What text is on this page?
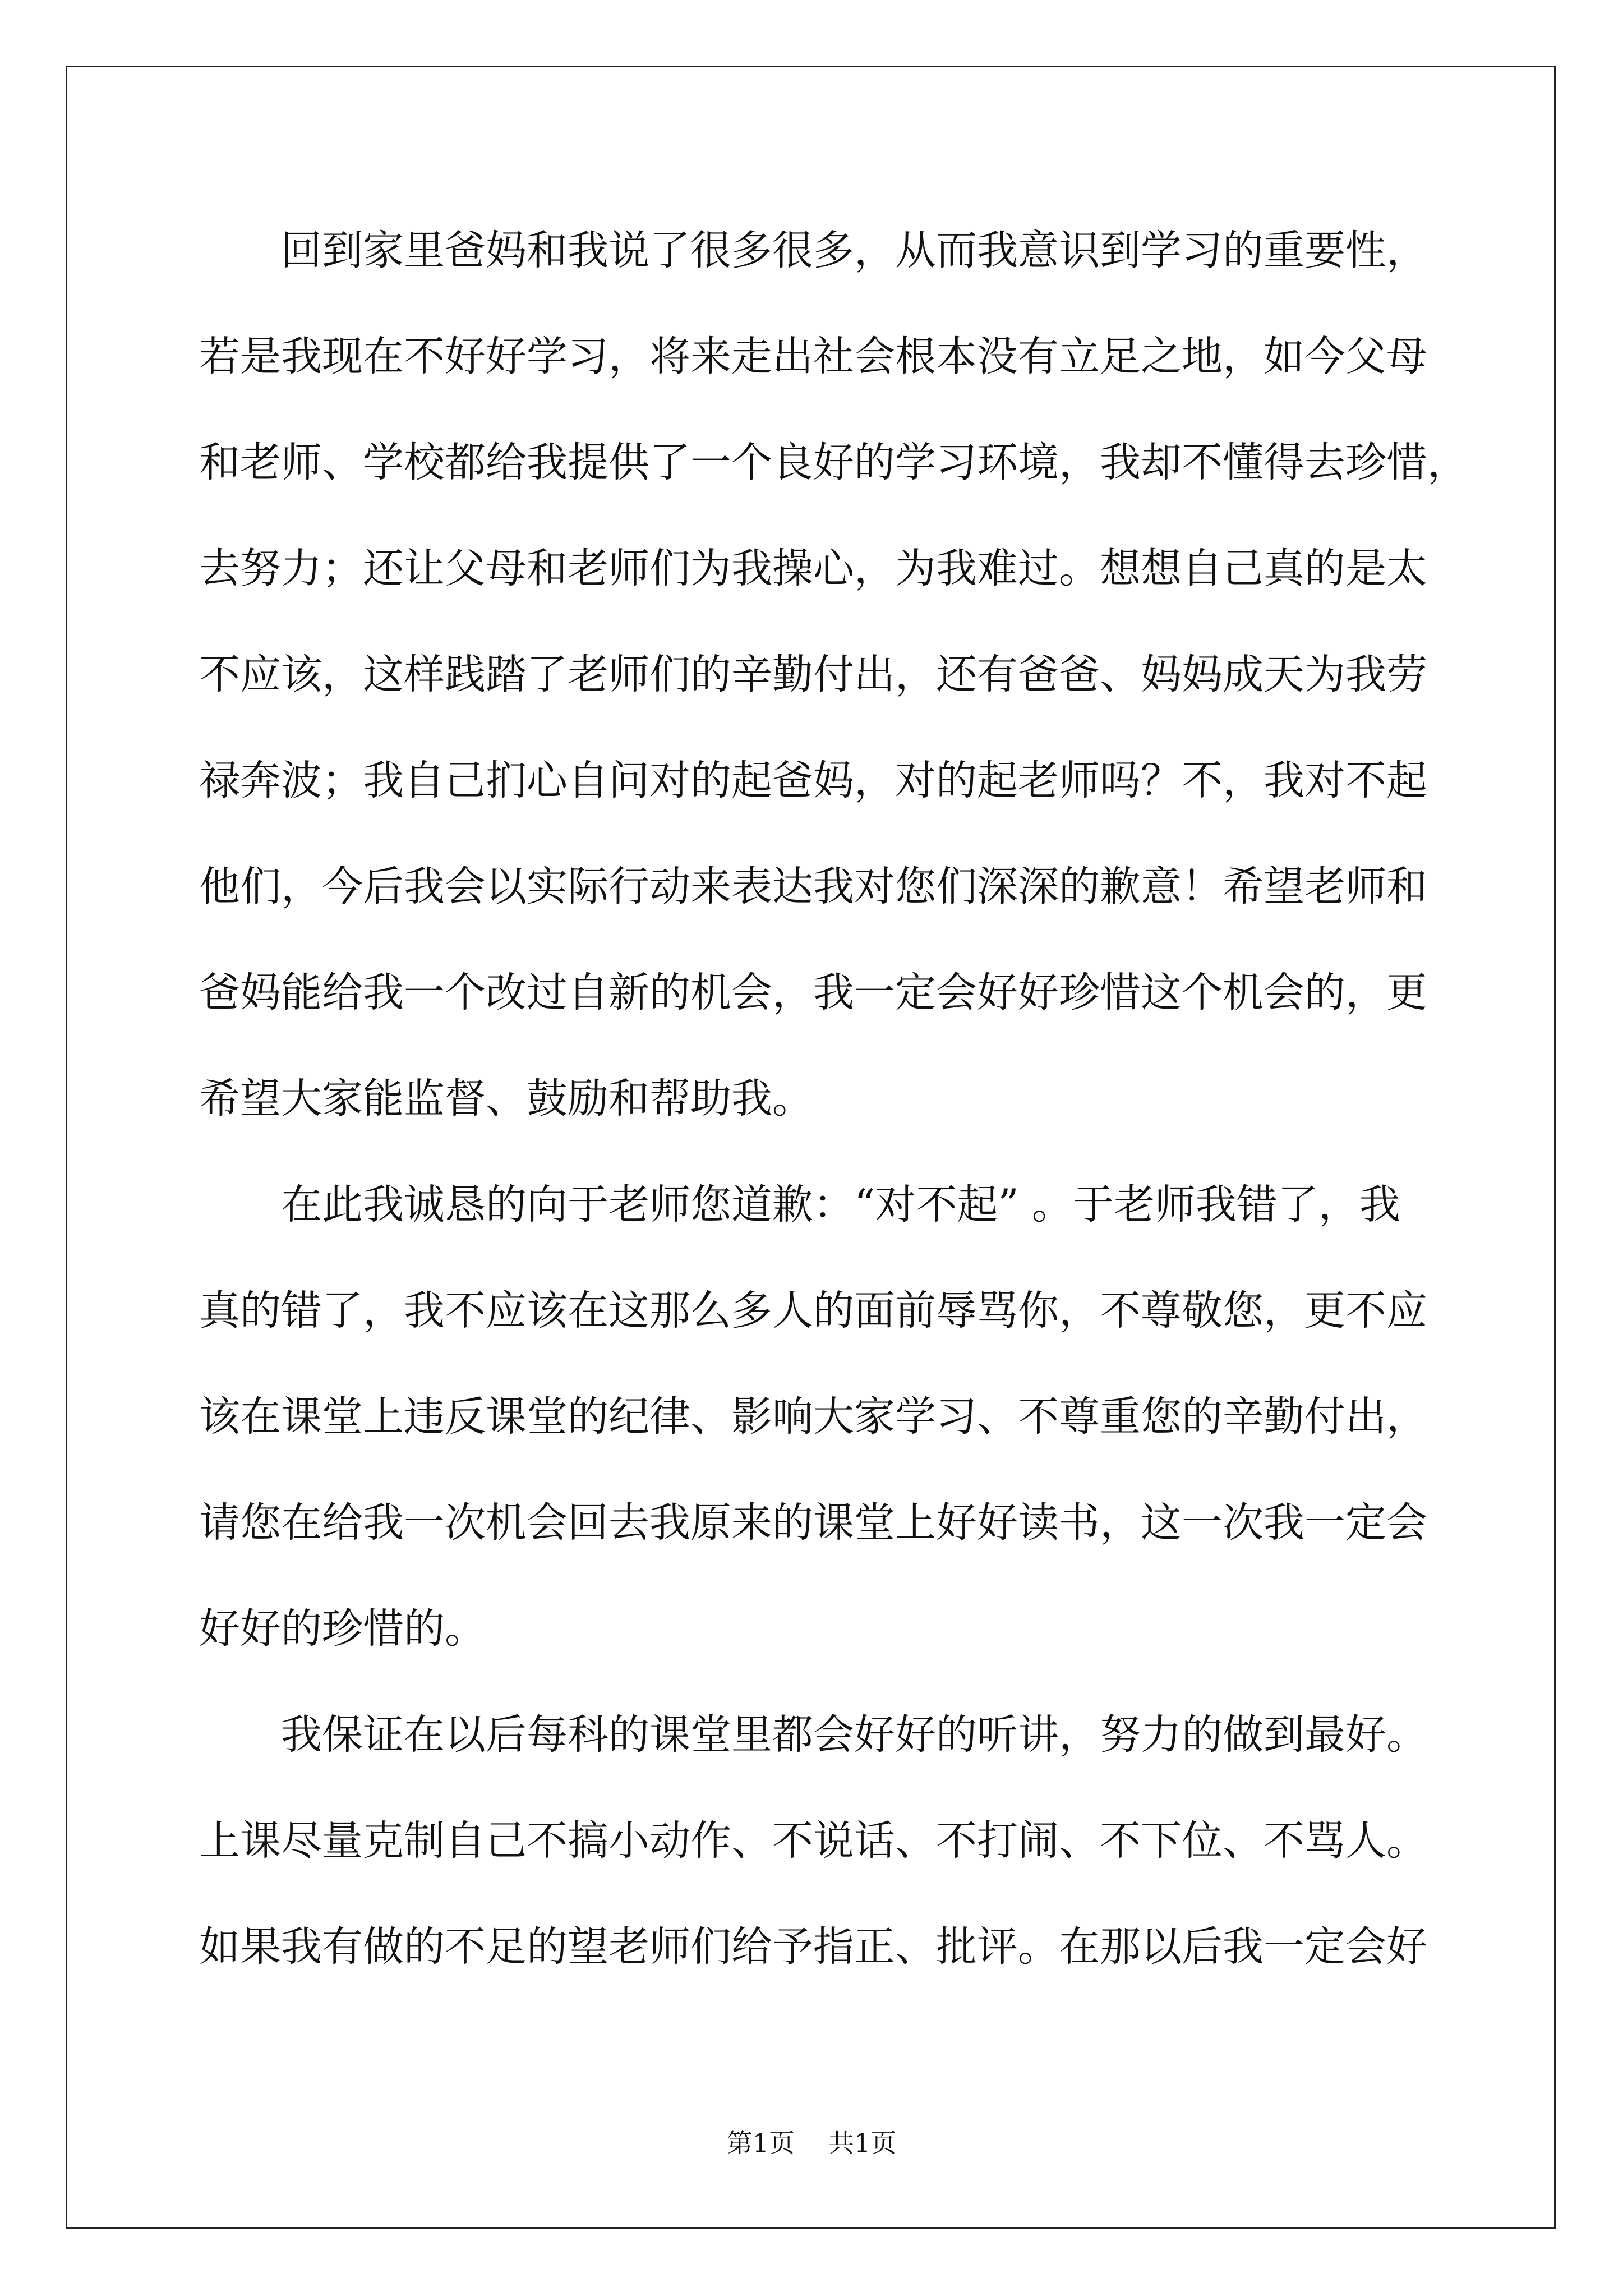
回到家里爸妈和我说了很多很多，从而我意识到学习的重要性，
若是我现在不好好学习，将来走出社会根本没有立足之地，如今父母
和老师、学校都给我提供了一个良好的学习环境，我却不懂得去珍惜，
去努力；还让父母和老师们为我操心，为我难过。想想自己真的是太
不应该，这样践踏了老师们的辛勤付出，还有爸爸、妈妈成天为我劳
禄奔波；我自己扪心自问对的起爸妈，对的起老师吗？不，我对不起
他们，今后我会以实际行动来表达我对您们深深的歉意！希望老师和
爸妈能给我一个改过自新的机会，我一定会好好珍惜这个机会的，更
希望大家能监督、鼓励和帮助我。
在此我诚恳的向于老师您道歉：“对不起” 。于老师我错了，我
真的错了，我不应该在这那么多人的面前辱骂你，不尊敬您，更不应
该在课堂上违反课堂的纪律、影响大家学习、不尊重您的辛勤付出，
请您在给我一次机会回去我原来的课堂上好好读书，这一次我一定会
好好的珍惜的。
我保证在以后每科的课堂里都会好好的听讲，努力的做到最好。
上课尽量克制自己不搞小动作、不说话、不打闹、不下位、不骂人。
如果我有做的不足的望老师们给予指正、批评。在那以后我一定会好
第1页 共1页
